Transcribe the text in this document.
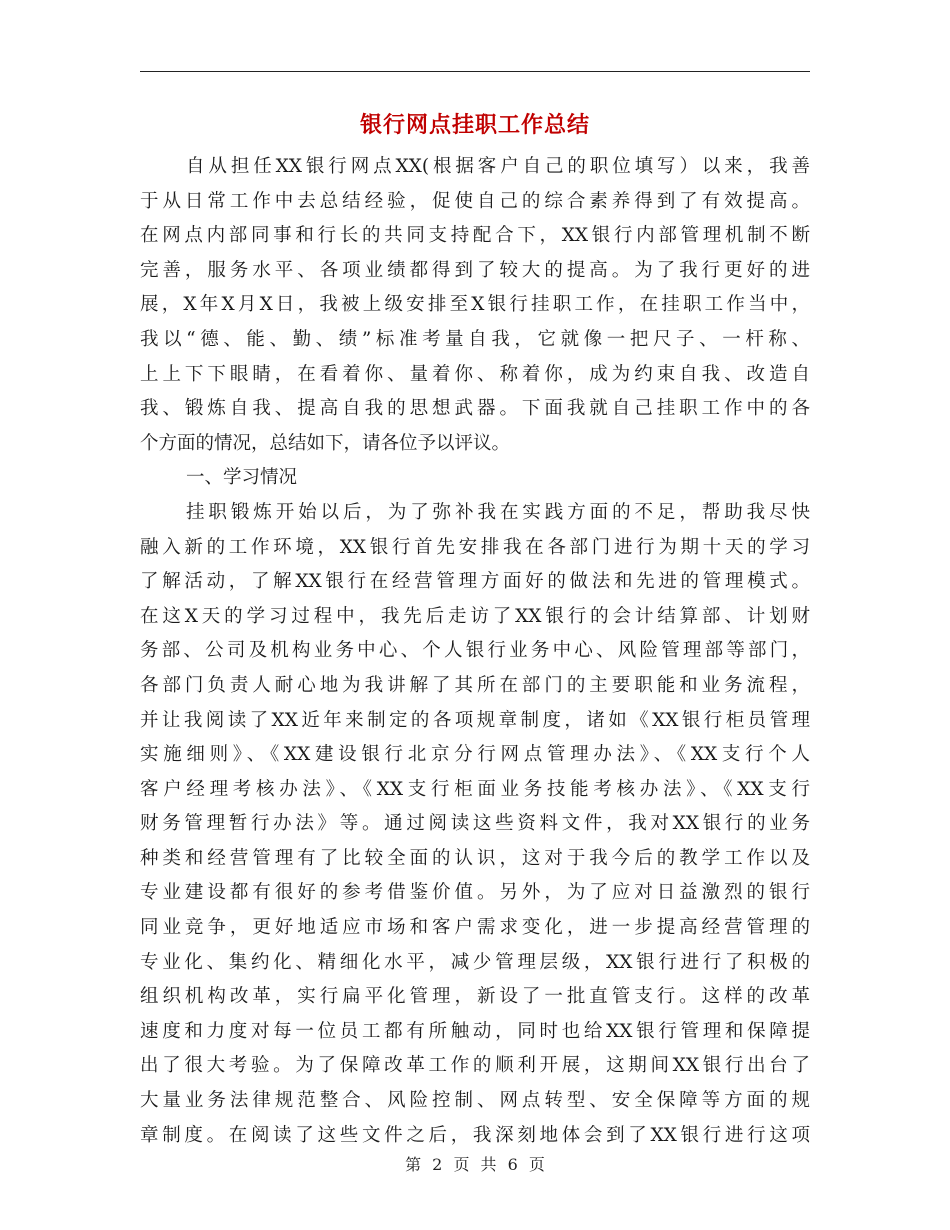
银行网点挂职工作总结
自从担任XX银行网点XX(根据客户自己的职位填写）以来，我善
于从日常工作中去总结经验，促使自己的综合素养得到了有效提高。
在网点内部同事和行长的共同支持配合下，XX银行内部管理机制不断
完善，服务水平、各项业绩都得到了较大的提高。为了我行更好的进
展，X年X月X日，我被上级安排至X银行挂职工作，在挂职工作当中，
我以“德、能、勤、绩”标准考量自我，它就像一把尺子、一杆称、
上上下下眼睛，在看着你、量着你、称着你，成为约束自我、改造自
我、锻炼自我、提高自我的思想武器。下面我就自己挂职工作中的各
个方面的情况，总结如下，请各位予以评议。
一、学习情况
挂职锻炼开始以后，为了弥补我在实践方面的不足，帮助我尽快
融入新的工作环境，XX银行首先安排我在各部门进行为期十天的学习
了解活动，了解XX银行在经营管理方面好的做法和先进的管理模式。
在这X天的学习过程中，我先后走访了XX银行的会计结算部、计划财
务部、公司及机构业务中心、个人银行业务中心、风险管理部等部门，
各部门负责人耐心地为我讲解了其所在部门的主要职能和业务流程，
并让我阅读了XX近年来制定的各项规章制度，诸如《XX银行柜员管理
实施细则》、《XX建设银行北京分行网点管理办法》、《XX支行个人
客户经理考核办法》、《XX支行柜面业务技能考核办法》、《XX支行
财务管理暂行办法》等。通过阅读这些资料文件，我对XX银行的业务
种类和经营管理有了比较全面的认识，这对于我今后的教学工作以及
专业建设都有很好的参考借鉴价值。另外，为了应对日益激烈的银行
同业竞争，更好地适应市场和客户需求变化，进一步提高经营管理的
专业化、集约化、精细化水平，减少管理层级，XX银行进行了积极的
组织机构改革，实行扁平化管理，新设了一批直管支行。这样的改革
速度和力度对每一位员工都有所触动，同时也给XX银行管理和保障提
出了很大考验。为了保障改革工作的顺利开展，这期间XX银行出台了
大量业务法律规范整合、风险控制、网点转型、安全保障等方面的规
章制度。在阅读了这些文件之后，我深刻地体会到了XX银行进行这项
第 2 页 共 6 页
